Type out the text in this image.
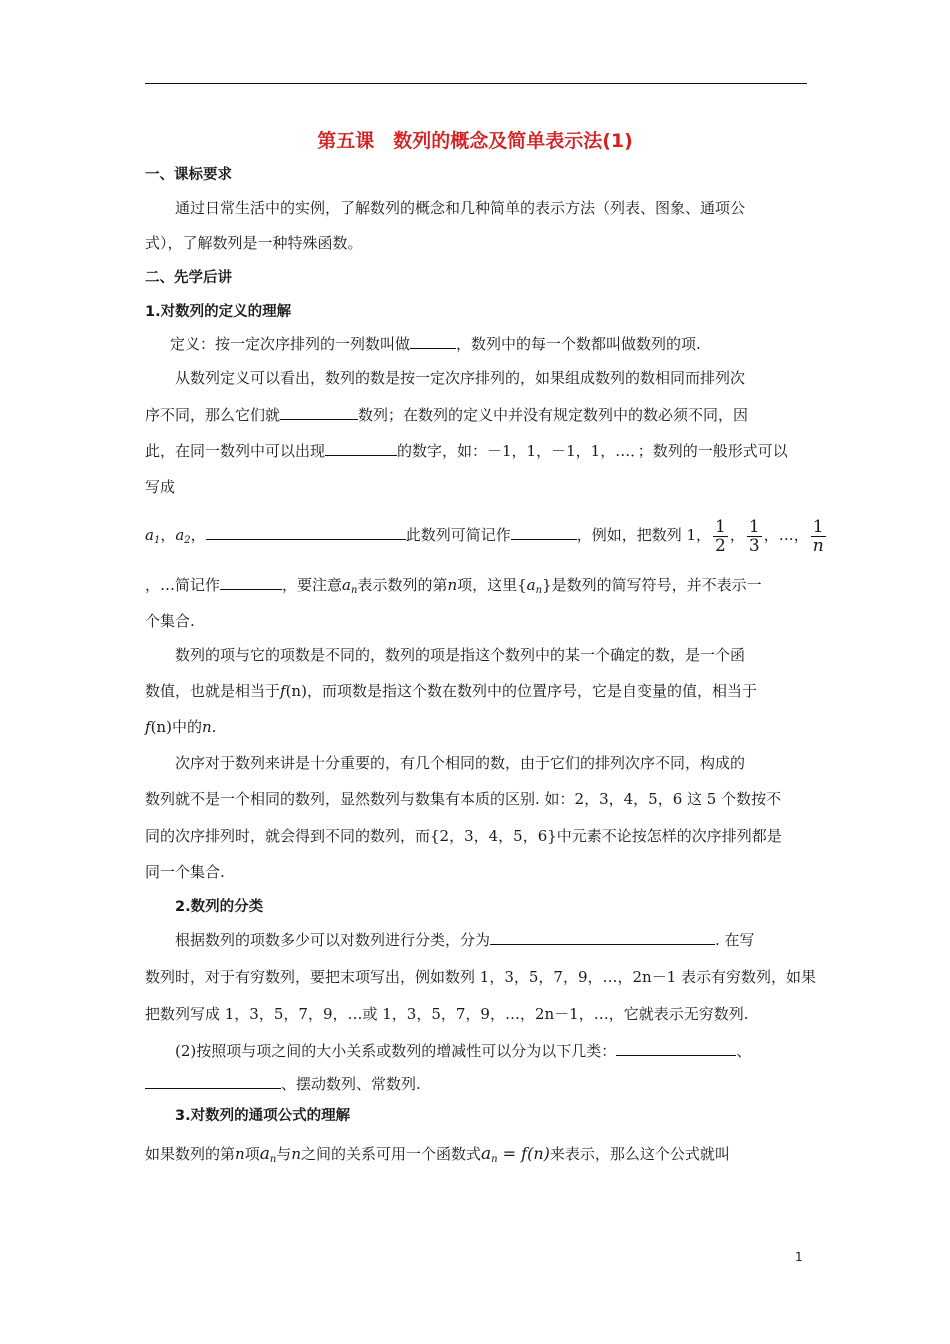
第五课　数列的概念及简单表示法(1)
一、课标要求
通过日常生活中的实例，了解数列的概念和几种简单的表示方法（列表、图象、通项公
式），了解数列是一种特殊函数。
二、先学后讲
1.对数列的定义的理解
定义：按一定次序排列的一列数叫做	，数列中的每一个数都叫做数列的项.
从数列定义可以看出，数列的数是按一定次序排列的，如果组成数列的数相同而排列次
序不同，那么它们就	数列；在数列的定义中并没有规定数列中的数必须不同，因
此，在同一数列中可以出现	的数字，如：－1，1，－1，1，…．；数列的一般形式可以
写成
$a_1$，$a_2$，	此数列可简记作	，例如，把数列 1， $\frac{1}{2}$ ， $\frac{1}{3}$ ，…， $\frac{1}{n}$
，…简记作	，要注意$a_n$表示数列的第n项，这里$\{a_n\}$是数列的简写符号，并不表示一
个集合.
数列的项与它的项数是不同的，数列的项是指这个数列中的某一个确定的数，是一个函
数值，也就是相当于f(n)，而项数是指这个数在数列中的位置序号，它是自变量的值，相当于
f(n)中的n.
次序对于数列来讲是十分重要的，有几个相同的数，由于它们的排列次序不同，构成的
数列就不是一个相同的数列，显然数列与数集有本质的区别. 如：2，3，4，5，6 这 5 个数按不
同的次序排列时，就会得到不同的数列，而{2，3，4，5，6}中元素不论按怎样的次序排列都是
同一个集合.
2.数列的分类
根据数列的项数多少可以对数列进行分类，分为	. 在写
数列时，对于有穷数列，要把末项写出，例如数列 1，3，5，7，9，…，2n－1 表示有穷数列，如果
把数列写成 1，3，5，7，9，…或 1，3，5，7，9，…，2n－1，…，它就表示无穷数列.
(2)按照项与项之间的大小关系或数列的增减性可以分为以下几类：	、
、摆动数列、常数列.
3.对数列的通项公式的理解
如果数列的第n项$a_n$与n之间的关系可用一个函数式$a_n = f(n)$来表示，那么这个公式就叫
1
